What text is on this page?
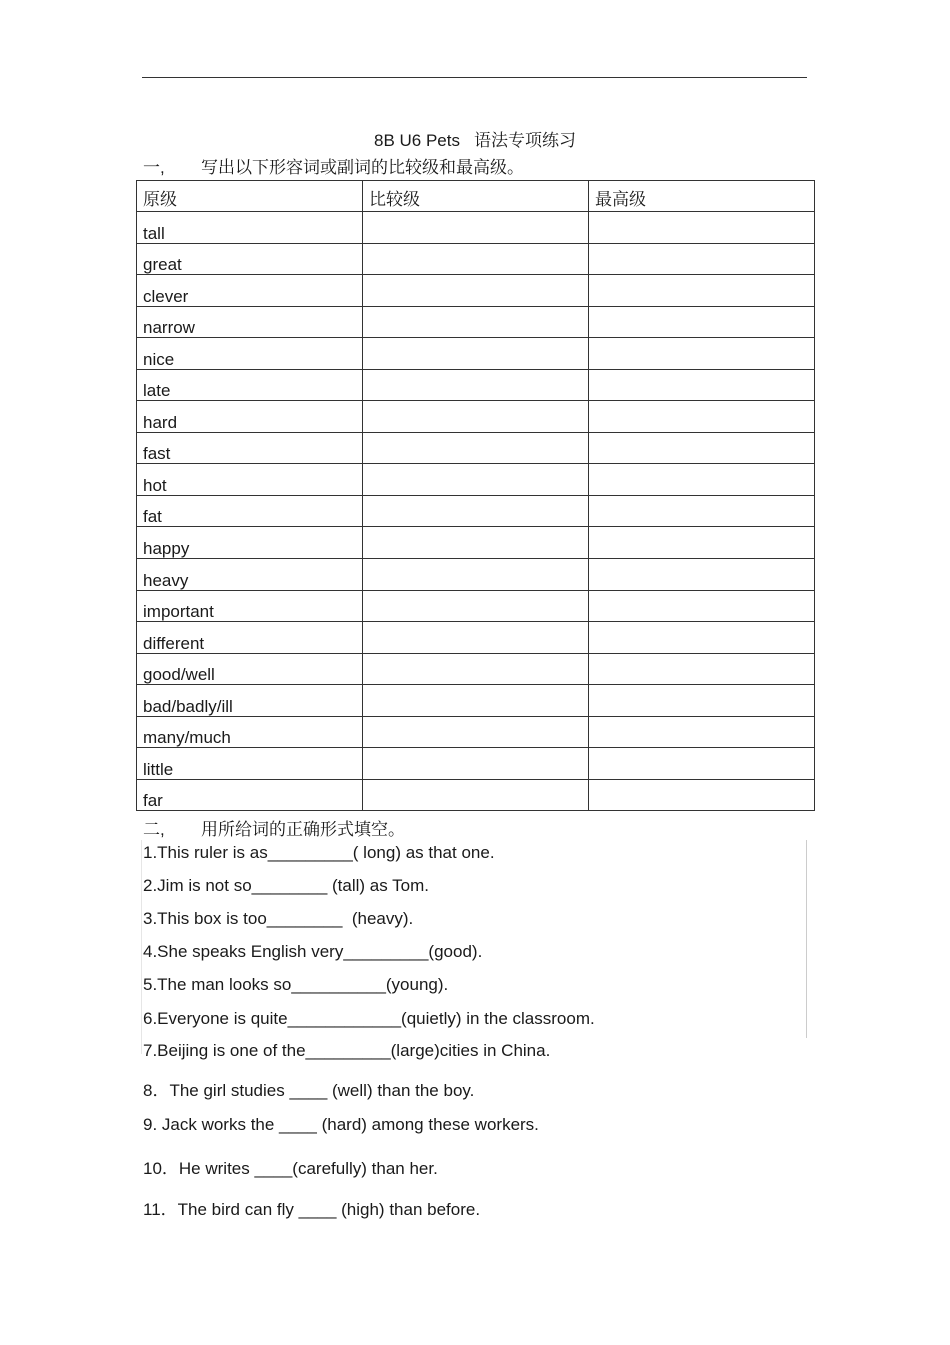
8B U6 Pets 语法专项练习
一, 写出以下形容词或副词的比较级和最高级。
原级	比较级	最高级
tall		
great		
clever		
narrow		
nice		
late		
hard		
fast		
hot		
fat		
happy		
heavy		
important		
different		
good/well		
bad/badly/ill		
many/much		
little		
far		
二, 用所给词的正确形式填空。
1.This ruler is as_________( long) as that one.
2.Jim is not so________ (tall) as Tom.
3.This box is too________  (heavy).
4.She speaks English very_________(good).
5.The man looks so__________(young).
6.Everyone is quite____________(quietly) in the classroom.
7.Beijing is one of the_________(large)cities in China.
8．The girl studies ____ (well) than the boy.
9. Jack works the ____ (hard) among these workers.
10．He writes ____(carefully) than her.
11．The bird can fly ____ (high) than before.
